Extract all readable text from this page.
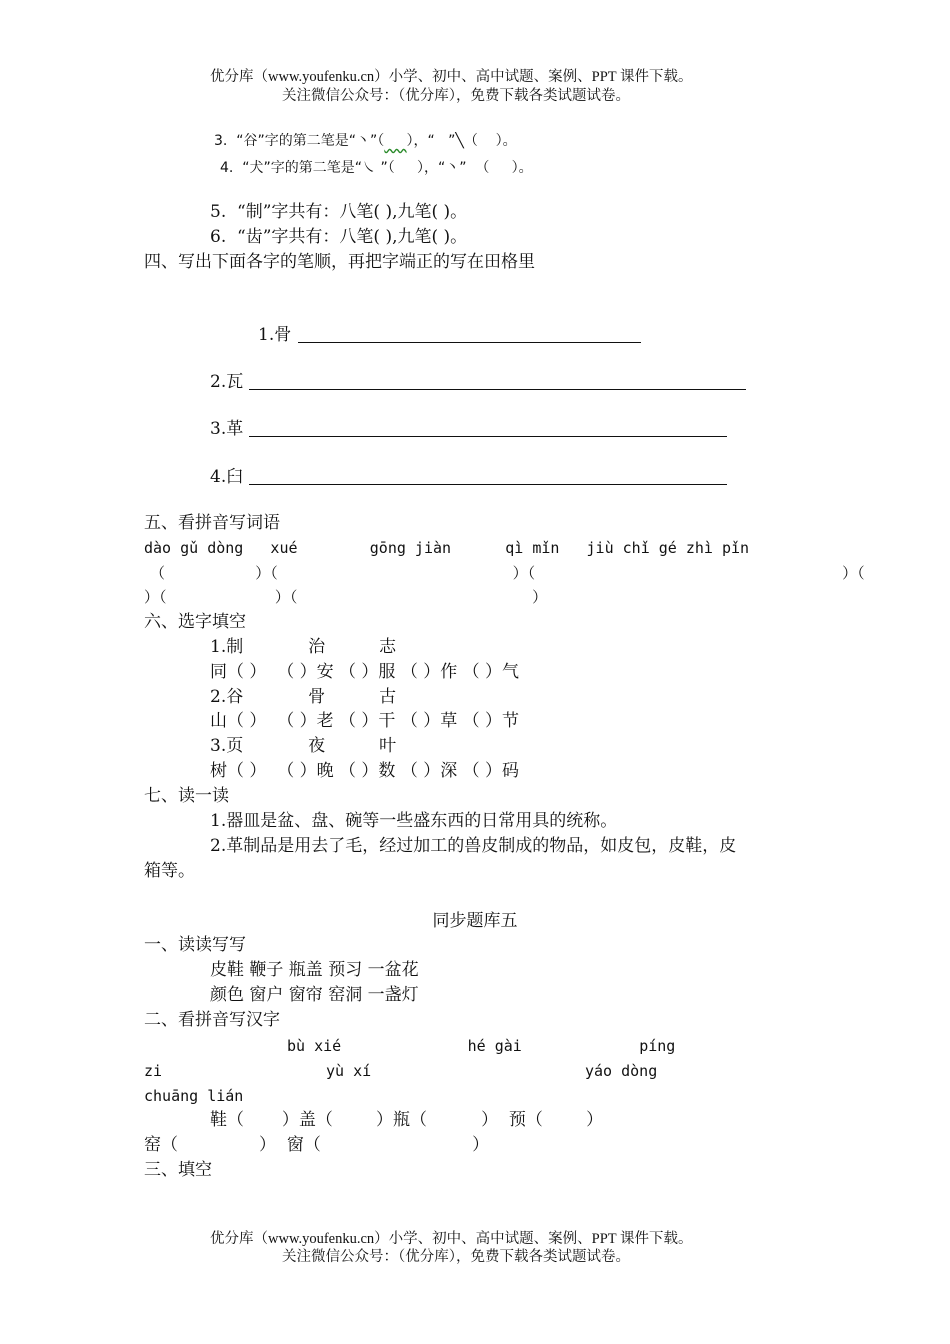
优分库（www.youfenku.cn）小学、初中、高中试题、案例、PPT 课件下载。
关注微信公众号：（优分库），免费下载各类试题试卷。
3.  “谷”字的第二笔是“丶”（ ），“   ”╲（    ）。
4.  “犬”字的第二笔是“㇏ ”（     ），“丶”  （     ）。
5.  “制”字共有：八笔( ),九笔( )。
6.  “齿”字共有：八笔( ),九笔( )。
四、写出下面各字的笔顺，再把字端正的写在田格里
1.骨
2.瓦
3.革
4.臼
五、看拼音写词语
dào gǔ dòng   xué        gōng jiàn      qì mǐn   jiù chǐ gé zhì pǐn
（          ）（                          ）（                                  ）（
）（            ）（                          ）
六、选字填空
1.制            治          志
同（ ）  （ ）安 （ ）服 （ ）作 （ ）气
2.谷            骨          古
山（ ）  （ ）老 （ ）干 （ ）草 （ ）节
3.页            夜          叶
树（ ）  （ ）晚 （ ）数 （ ）深 （ ）码
七、读一读
1.器皿是盆、盘、碗等一些盛东西的日常用具的统称。
2.革制品是用去了毛，经过加工的兽皮制成的物品，如皮包，皮鞋，皮
箱等。
同步题库五
一、读读写写
皮鞋 鞭子 瓶盖 预习 一盆花
颜色 窗户 窗帘 窑洞 一盏灯
二、看拼音写汉字
bù xié              hé gài             píng
zi	yù xí	yáo dòng
chuāng lián
鞋（       ）盖（        ）瓶（          ）  预（        ）
窑（               ）  窗（                            ）
三、填空
优分库（www.youfenku.cn）小学、初中、高中试题、案例、PPT 课件下载。
关注微信公众号：（优分库），免费下载各类试题试卷。
